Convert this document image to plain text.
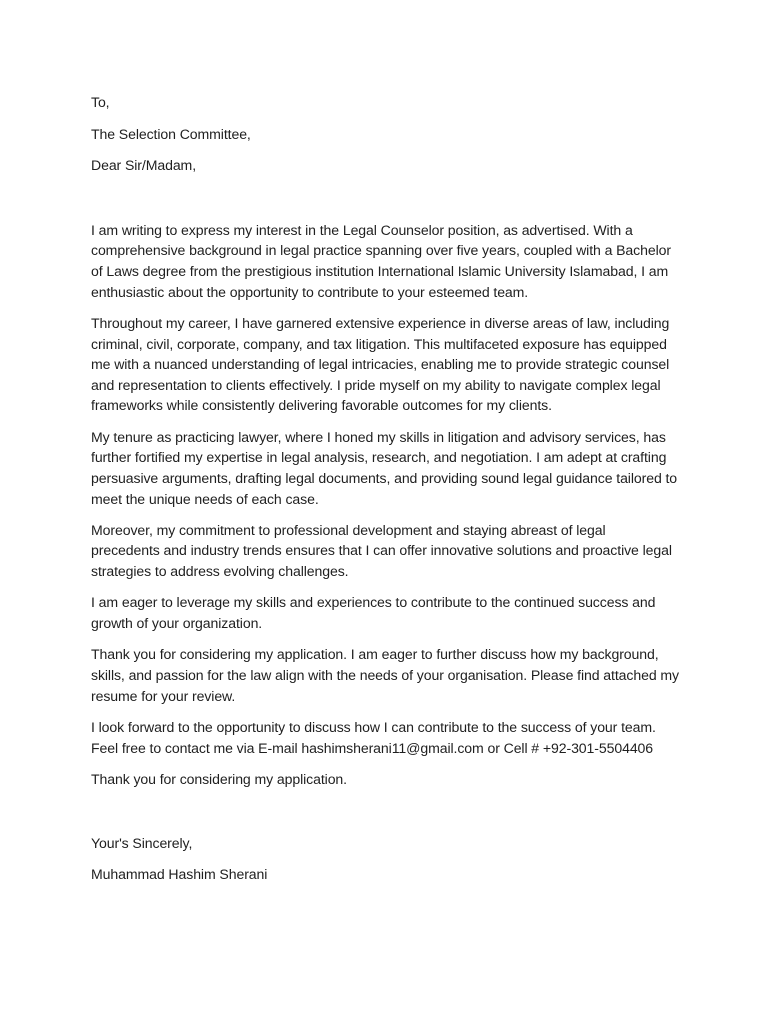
To,

The Selection Committee,

Dear Sir/Madam,

I am writing to express my interest in the Legal Counselor position, as advertised. With a
comprehensive background in legal practice spanning over five years, coupled with a Bachelor
of Laws degree from the prestigious institution International Islamic University Islamabad, I am
enthusiastic about the opportunity to contribute to your esteemed team.
Throughout my career, I have garnered extensive experience in diverse areas of law, including
criminal, civil, corporate, company, and tax litigation. This multifaceted exposure has equipped
me with a nuanced understanding of legal intricacies, enabling me to provide strategic counsel
and representation to clients effectively. I pride myself on my ability to navigate complex legal
frameworks while consistently delivering favorable outcomes for my clients.
My tenure as practicing lawyer, where I honed my skills in litigation and advisory services, has
further fortified my expertise in legal analysis, research, and negotiation. I am adept at crafting
persuasive arguments, drafting legal documents, and providing sound legal guidance tailored to
meet the unique needs of each case.
Moreover, my commitment to professional development and staying abreast of legal
precedents and industry trends ensures that I can offer innovative solutions and proactive legal
strategies to address evolving challenges.
I am eager to leverage my skills and experiences to contribute to the continued success and
growth of your organization.
Thank you for considering my application. I am eager to further discuss how my background,
skills, and passion for the law align with the needs of your organisation. Please find attached my
resume for your review.
I look forward to the opportunity to discuss how I can contribute to the success of your team.
Feel free to contact me via E-mail hashimsherani11@gmail.com or Cell # +92-301-5504406
Thank you for considering my application.

Your's Sincerely,

Muhammad Hashim Sherani
